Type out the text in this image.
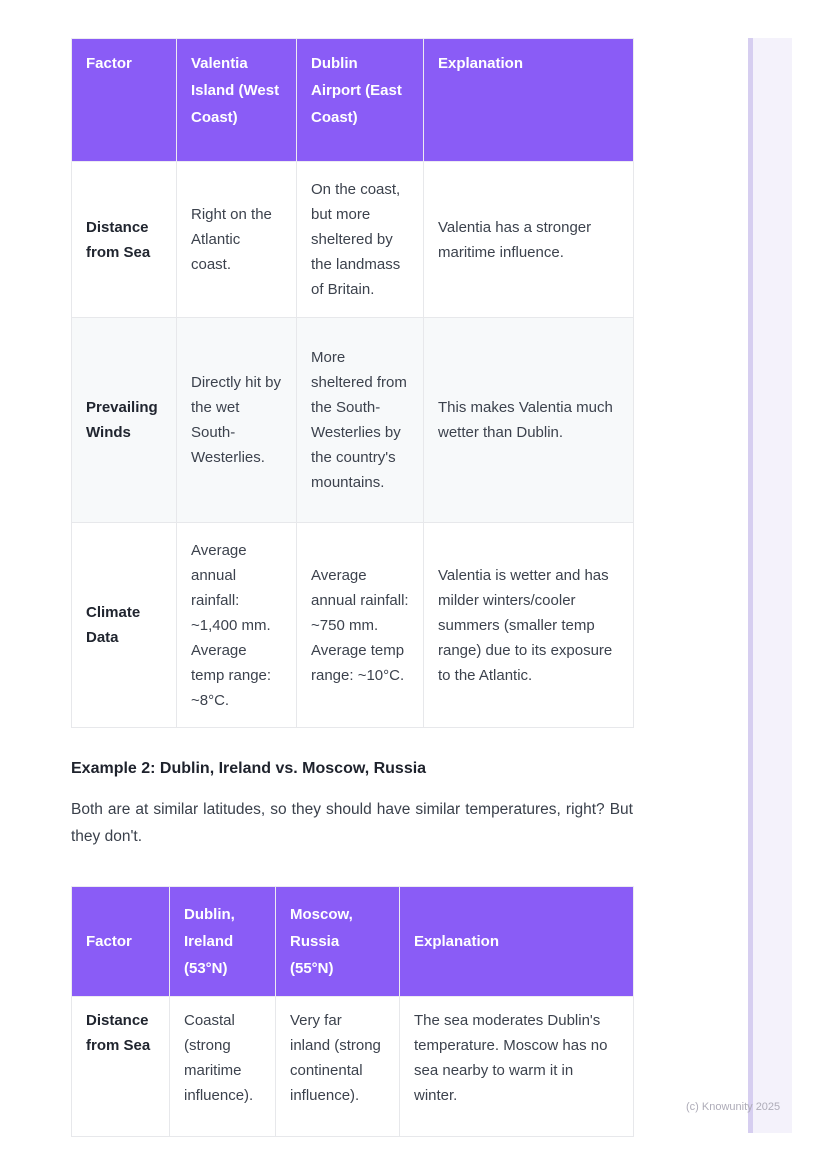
Factor	Valentia Island (West Coast)	Dublin Airport (East Coast)	Explanation
Distance from Sea	Right on the Atlantic coast.	On the coast, but more sheltered by the landmass of Britain.	Valentia has a stronger maritime influence.
Prevailing Winds	Directly hit by the wet South-Westerlies.	More sheltered from the South-Westerlies by the country's mountains.	This makes Valentia much wetter than Dublin.
Climate Data	Average annual rainfall: ~1,400 mm. Average temp range: ~8°C.	Average annual rainfall: ~750 mm. Average temp range: ~10°C.	Valentia is wetter and has milder winters/cooler summers (smaller temp range) due to its exposure to the Atlantic.
Example 2: Dublin, Ireland vs. Moscow, Russia

Both are at similar latitudes, so they should have similar temperatures, right? But they don't.

Factor	Dublin, Ireland (53°N)	Moscow, Russia (55°N)	Explanation
Distance from Sea	Coastal (strong maritime influence).	Very far inland (strong continental influence).	The sea moderates Dublin's temperature. Moscow has no sea nearby to warm it in winter.
(c) Knowunity 2025
